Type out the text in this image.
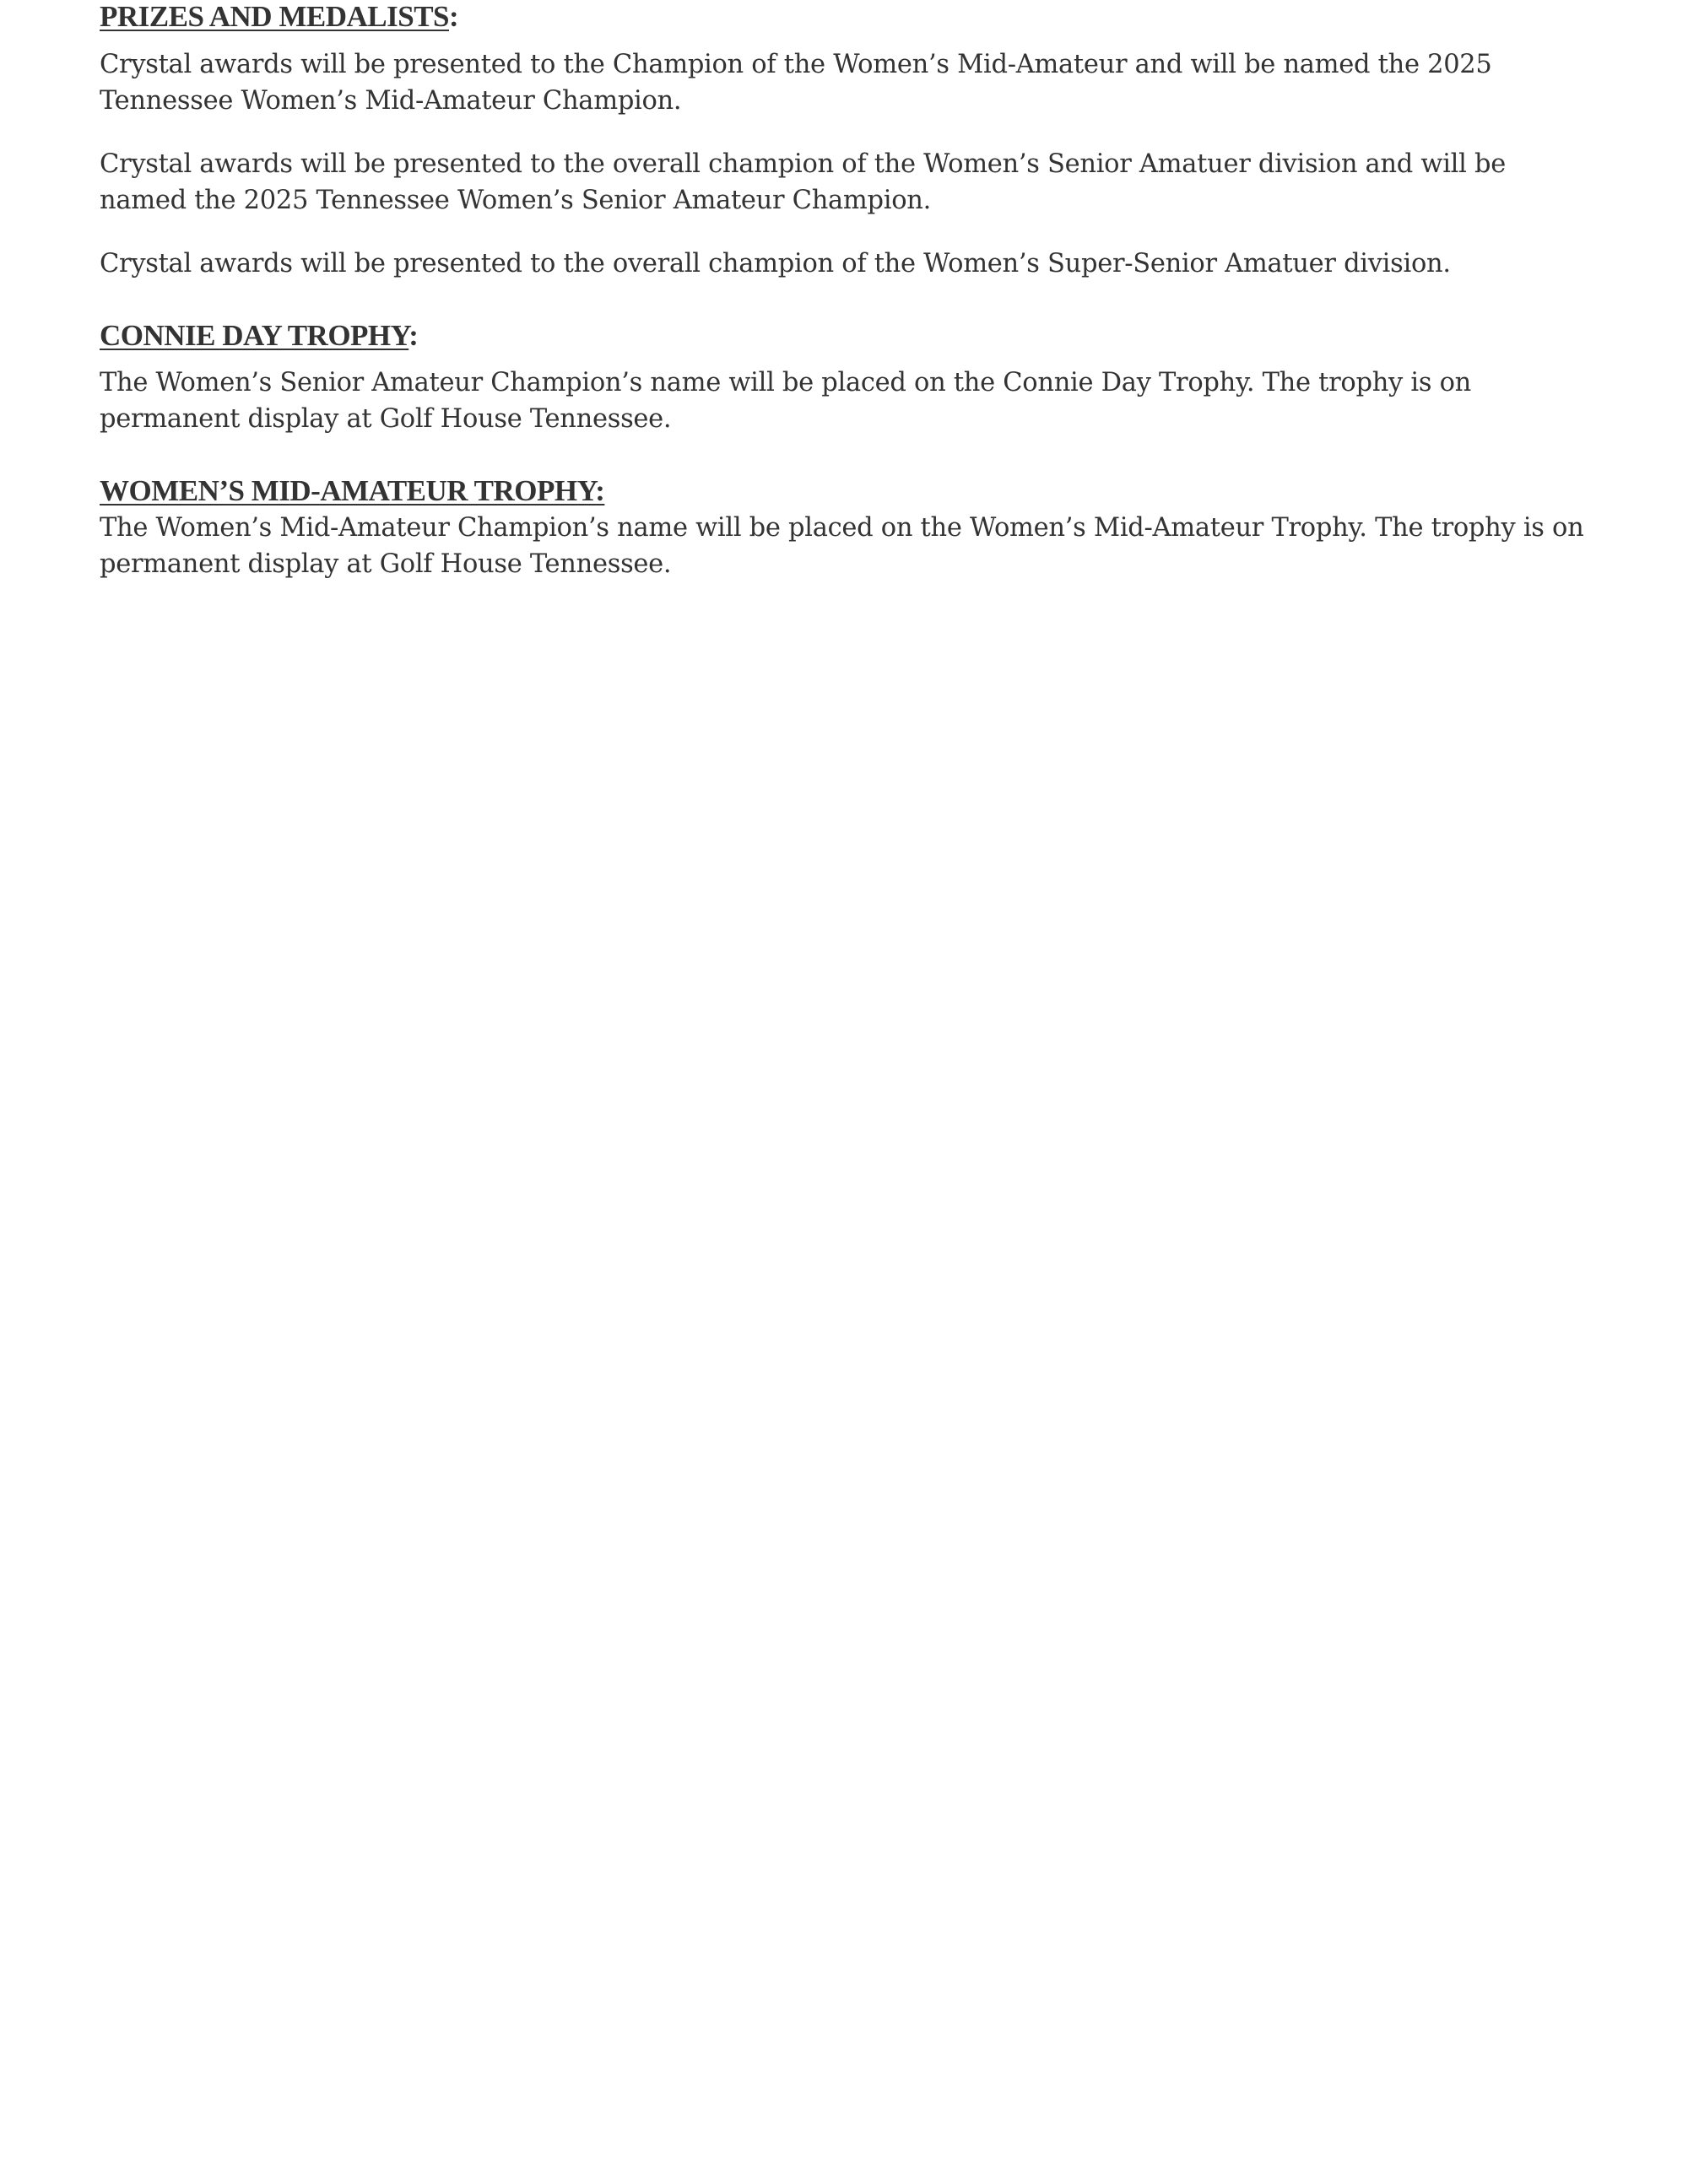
PRIZES AND MEDALISTS:

Crystal awards will be presented to the Champion of the Women’s Mid-Amateur and will be named the 2025 Tennessee Women’s Mid-Amateur Champion.

Crystal awards will be presented to the overall champion of the Women’s Senior Amatuer division and will be named the 2025 Tennessee Women’s Senior Amateur Champion.

Crystal awards will be presented to the overall champion of the Women’s Super-Senior Amatuer division.

CONNIE DAY TROPHY:

The Women’s Senior Amateur Champion’s name will be placed on the Connie Day Trophy. The trophy is on permanent display at Golf House Tennessee.

WOMEN’S MID-AMATEUR TROPHY:

The Women’s Mid-Amateur Champion’s name will be placed on the Women’s Mid-Amateur Trophy. The trophy is on permanent display at Golf House Tennessee.
